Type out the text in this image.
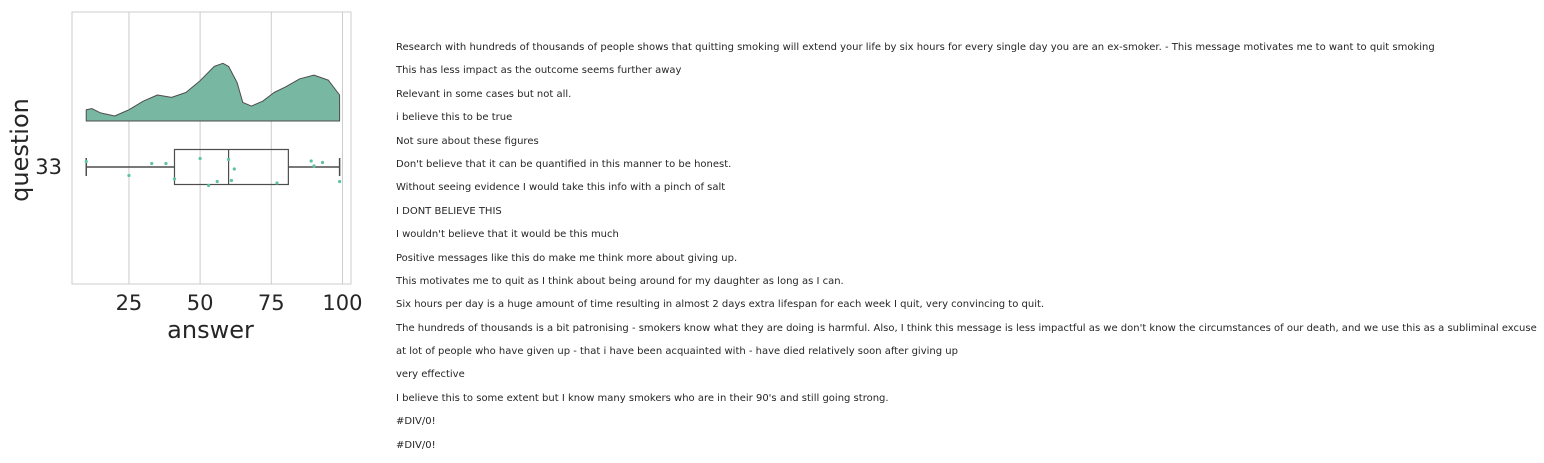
25 50 75 100
33
answer
question
Research with hundreds of thousands of people shows that quitting smoking will extend your life by six hours for every single day you are an ex-smoker. - This message motivates me to want to quit smoking
This has less impact as the outcome seems further away
Relevant in some cases but not all.
i believe this to be true
Not sure about these figures
Don't believe that it can be quantified in this manner to be honest.
Without seeing evidence I would take this info with a pinch of salt
I DONT BELIEVE THIS
I wouldn't believe that it would be this much
Positive messages like this do make me think more about giving up.
This motivates me to quit as I think about being around for my daughter as long as I can.
Six hours per day is a huge amount of time resulting in almost 2 days extra lifespan for each week I quit, very convincing to quit.
The hundreds of thousands is a bit patronising - smokers know what they are doing is harmful. Also, I think this message is less impactful as we don't know the circumstances of our death, and we use this as a subliminal excuse
at lot of people who have given up - that i have been acquainted with - have died relatively soon after giving up
very effective
I believe this to some extent but I know many smokers who are in their 90's and still going strong.
#DIV/0!
#DIV/0!
